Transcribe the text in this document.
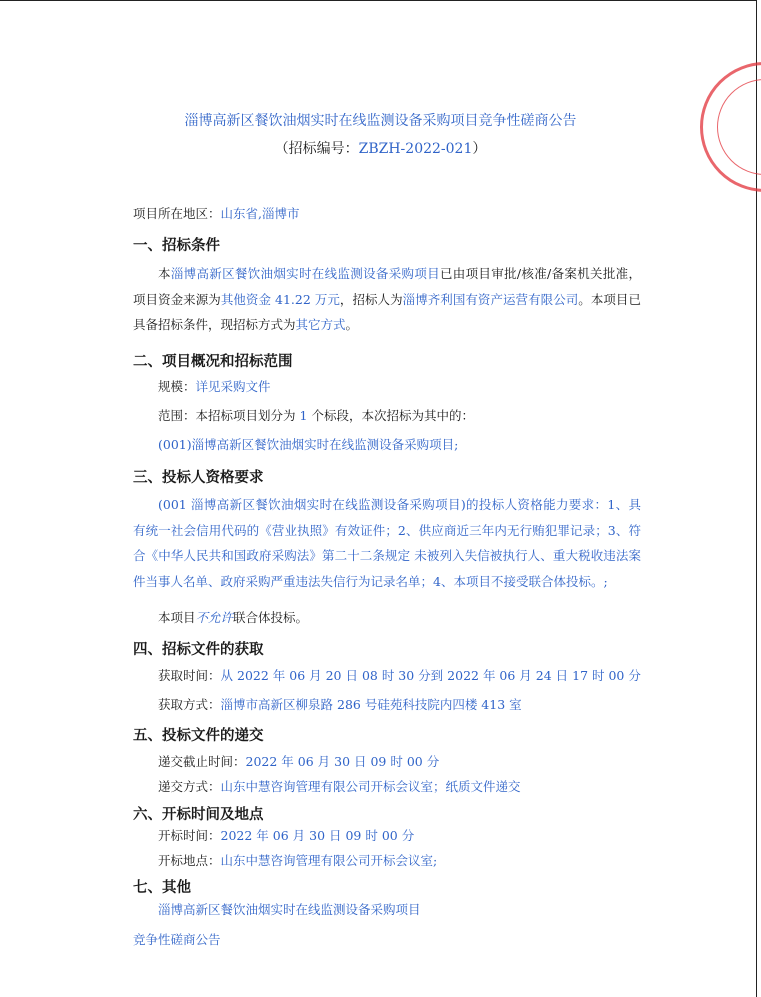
淄博高新区餐饮油烟实时在线监测设备采购项目竞争性磋商公告
（招标编号：ZBZH-2022-021）
项目所在地区：山东省,淄博市
一、招标条件
本淄博高新区餐饮油烟实时在线监测设备采购项目已由项目审批/核准/备案机关批准，项目资金来源为其他资金 41.22 万元，招标人为淄博齐利国有资产运营有限公司。本项目已具备招标条件，现招标方式为其它方式。
二、项目概况和招标范围
规模：详见采购文件
范围：本招标项目划分为 1 个标段，本次招标为其中的：
(001)淄博高新区餐饮油烟实时在线监测设备采购项目;
三、投标人资格要求
(001 淄博高新区餐饮油烟实时在线监测设备采购项目)的投标人资格能力要求：1、具有统一社会信用代码的《营业执照》有效证件；2、供应商近三年内无行贿犯罪记录；3、符合《中华人民共和国政府采购法》第二十二条规定 未被列入失信被执行人、重大税收违法案件当事人名单、政府采购严重违法失信行为记录名单；4、本项目不接受联合体投标。;
本项目不允许联合体投标。
四、招标文件的获取
获取时间：从 2022 年 06 月 20 日 08 时 30 分到 2022 年 06 月 24 日 17 时 00 分
获取方式：淄博市高新区柳泉路 286 号硅苑科技院内四楼 413 室
五、投标文件的递交
递交截止时间：2022 年 06 月 30 日 09 时 00 分
递交方式：山东中慧咨询管理有限公司开标会议室；纸质文件递交
六、开标时间及地点
开标时间：2022 年 06 月 30 日 09 时 00 分
开标地点：山东中慧咨询管理有限公司开标会议室;
七、其他
淄博高新区餐饮油烟实时在线监测设备采购项目
竞争性磋商公告
